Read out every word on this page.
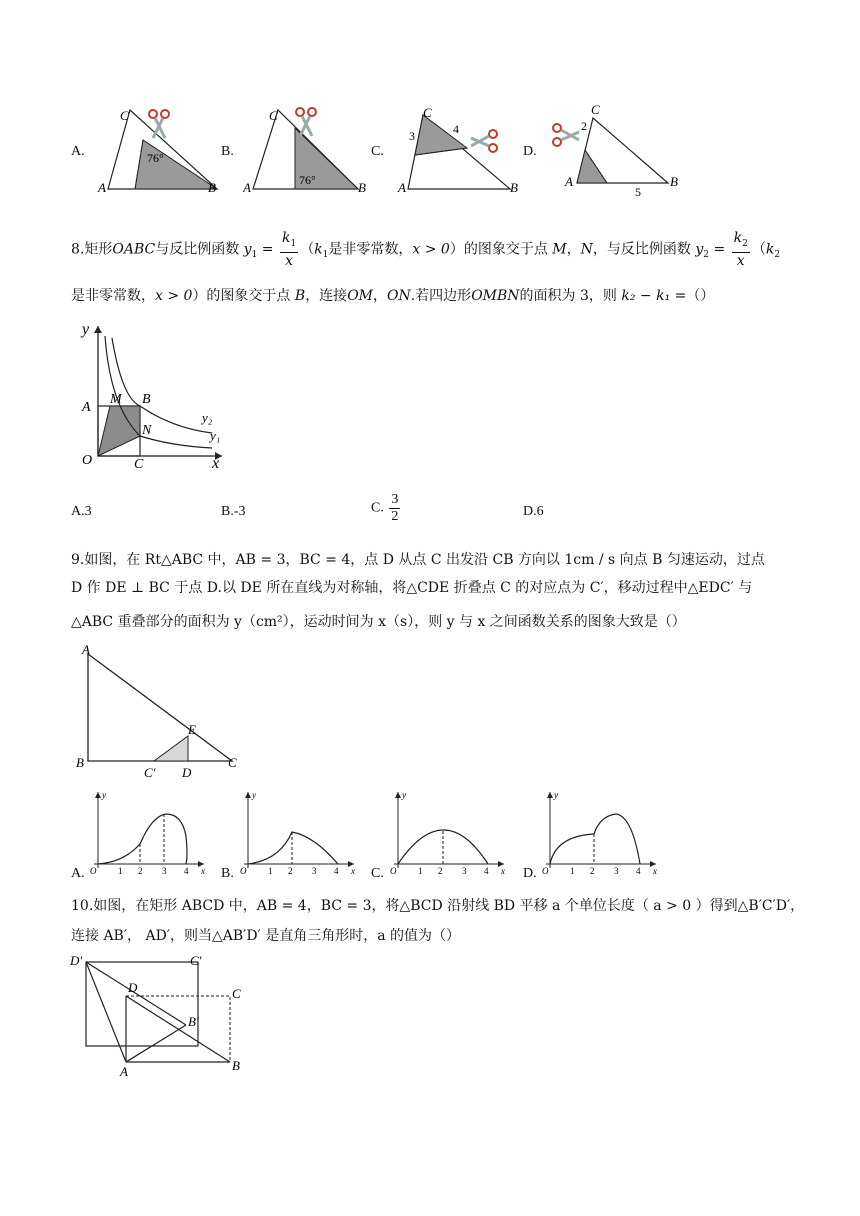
A.
C
A	B
76°	B.
C
A	B
76°
C.
C
A	B
3	4
D.
C
A	B
2
5
8.矩形OABC与反比例函数 $y_1 = \frac{k_1}{x} (k_1$是非零常数，x > 0）的图象交于点 M，N，与反比例函数 $y_2 = \frac{k_2}{x} (k_2$
是非零常数，x > 0）的图象交于点 B，连接OM，ON.若四边形OMBN的面积为 3，则 k₂ − k₁ =（）
y
x
A
M B
O	C
N	y₁
y₂
A.3	B.-3	C. $\frac{3}{2}$	D.6
9.如图，在 Rt△ABC 中，AB = 3，BC = 4，点 D 从点 C 出发沿 CB 方向以 1cm / s 向点 B 匀速运动，过点
D 作 DE ⊥ BC 于点 D.以 DE 所在直线为对称轴，将△CDE 折叠点 C 的对应点为 C′，移动过程中△EDC′ 与
△ABC 重叠部分的面积为 y（cm²），运动时间为 x（s），则 y 与 x 之间函数关系的图象大致是（）
A
B	C
C′ D
E
A.
y
O 1 2 3 4 x B.
y
O 1 2 3 4 x C.
y
O 1 2 3 4 x D.
y
O 1 2 3 4 x
10.如图，在矩形 ABCD 中，AB = 4，BC = 3，将△BCD 沿射线 BD 平移 a 个单位长度（ a > 0 ）得到△B′C′D′，
连接 AB′， AD′，则当△AB′D′ 是直角三角形时，a 的值为（）
D′	C′
D	C
B′
A	B
